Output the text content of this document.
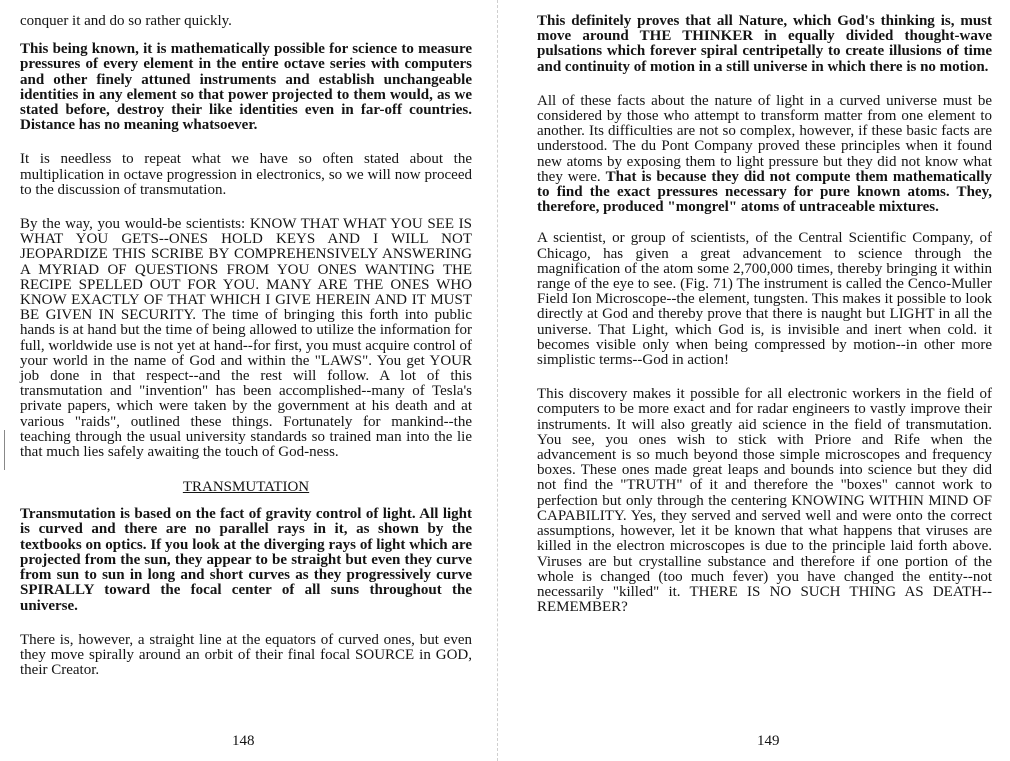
conquer it and do so rather quickly.

This being known, it is mathematically possible for science to measure pressures of every element in the entire octave series with computers and other finely attuned instruments and establish unchangeable identities in any element so that power projected to them would, as we stated before, destroy their like identities even in far-off countries. Distance has no meaning whatsoever.

It is needless to repeat what we have so often stated about the multiplication in octave progression in electronics, so we will now proceed to the discussion of transmutation.

By the way, you would-be scientists: KNOW THAT WHAT YOU SEE IS WHAT YOU GETS--ONES HOLD KEYS AND I WILL NOT JEOPARDIZE THIS SCRIBE BY COMPREHENSIVELY ANSWERING A MYRIAD OF QUESTIONS FROM YOU ONES WANTING THE RECIPE SPELLED OUT FOR YOU. MANY ARE THE ONES WHO KNOW EXACTLY OF THAT WHICH I GIVE HEREIN AND IT MUST BE GIVEN IN SECURITY. The time of bringing this forth into public hands is at hand but the time of being allowed to utilize the information for full, worldwide use is not yet at hand--for first, you must acquire control of your world in the name of God and within the "LAWS". You get YOUR job done in that respect--and the rest will follow. A lot of this transmutation and "invention" has been accomplished--many of Tesla's private papers, which were taken by the government at his death and at various "raids", outlined these things. Fortunately for mankind--the teaching through the usual university standards so trained man into the lie that much lies safely awaiting the touch of God-ness.

TRANSMUTATION

Transmutation is based on the fact of gravity control of light. All light is curved and there are no parallel rays in it, as shown by the textbooks on optics. If you look at the diverging rays of light which are projected from the sun, they appear to be straight but even they curve from sun to sun in long and short curves as they progressively curve SPIRALLY toward the focal center of all suns throughout the universe.

There is, however, a straight line at the equators of curved ones, but even they move spirally around an orbit of their final focal SOURCE in GOD, their Creator.

148

This definitely proves that all Nature, which God's thinking is, must move around THE THINKER in equally divided thought-wave pulsations which forever spiral centripetally to create illusions of time and continuity of motion in a still universe in which there is no motion.

All of these facts about the nature of light in a curved universe must be considered by those who attempt to transform matter from one element to another. Its difficulties are not so complex, however, if these basic facts are understood. The du Pont Company proved these principles when it found new atoms by exposing them to light pressure but they did not know what they were. That is because they did not compute them mathematically to find the exact pressures necessary for pure known atoms. They, therefore, produced "mongrel" atoms of untraceable mixtures.

A scientist, or group of scientists, of the Central Scientific Company, of Chicago, has given a great advancement to science through the magnification of the atom some 2,700,000 times, thereby bringing it within range of the eye to see. (Fig. 71) The instrument is called the Cenco-Muller Field Ion Microscope--the element, tungsten. This makes it possible to look directly at God and thereby prove that there is naught but LIGHT in all the universe. That Light, which God is, is invisible and inert when cold. it becomes visible only when being compressed by motion--in other more simplistic terms--God in action!

This discovery makes it possible for all electronic workers in the field of computers to be more exact and for radar engineers to vastly improve their instruments. It will also greatly aid science in the field of transmutation. You see, you ones wish to stick with Priore and Rife when the advancement is so much beyond those simple microscopes and frequency boxes. These ones made great leaps and bounds into science but they did not find the "TRUTH" of it and therefore the "boxes" cannot work to perfection but only through the centering KNOWING WITHIN MIND OF CAPABILITY. Yes, they served and served well and were onto the correct assumptions, however, let it be known that what happens that viruses are killed in the electron microscopes is due to the principle laid forth above. Viruses are but crystalline substance and therefore if one portion of the whole is changed (too much fever) you have changed the entity--not necessarily "killed" it. THERE IS NO SUCH THING AS DEATH--REMEMBER?

149
